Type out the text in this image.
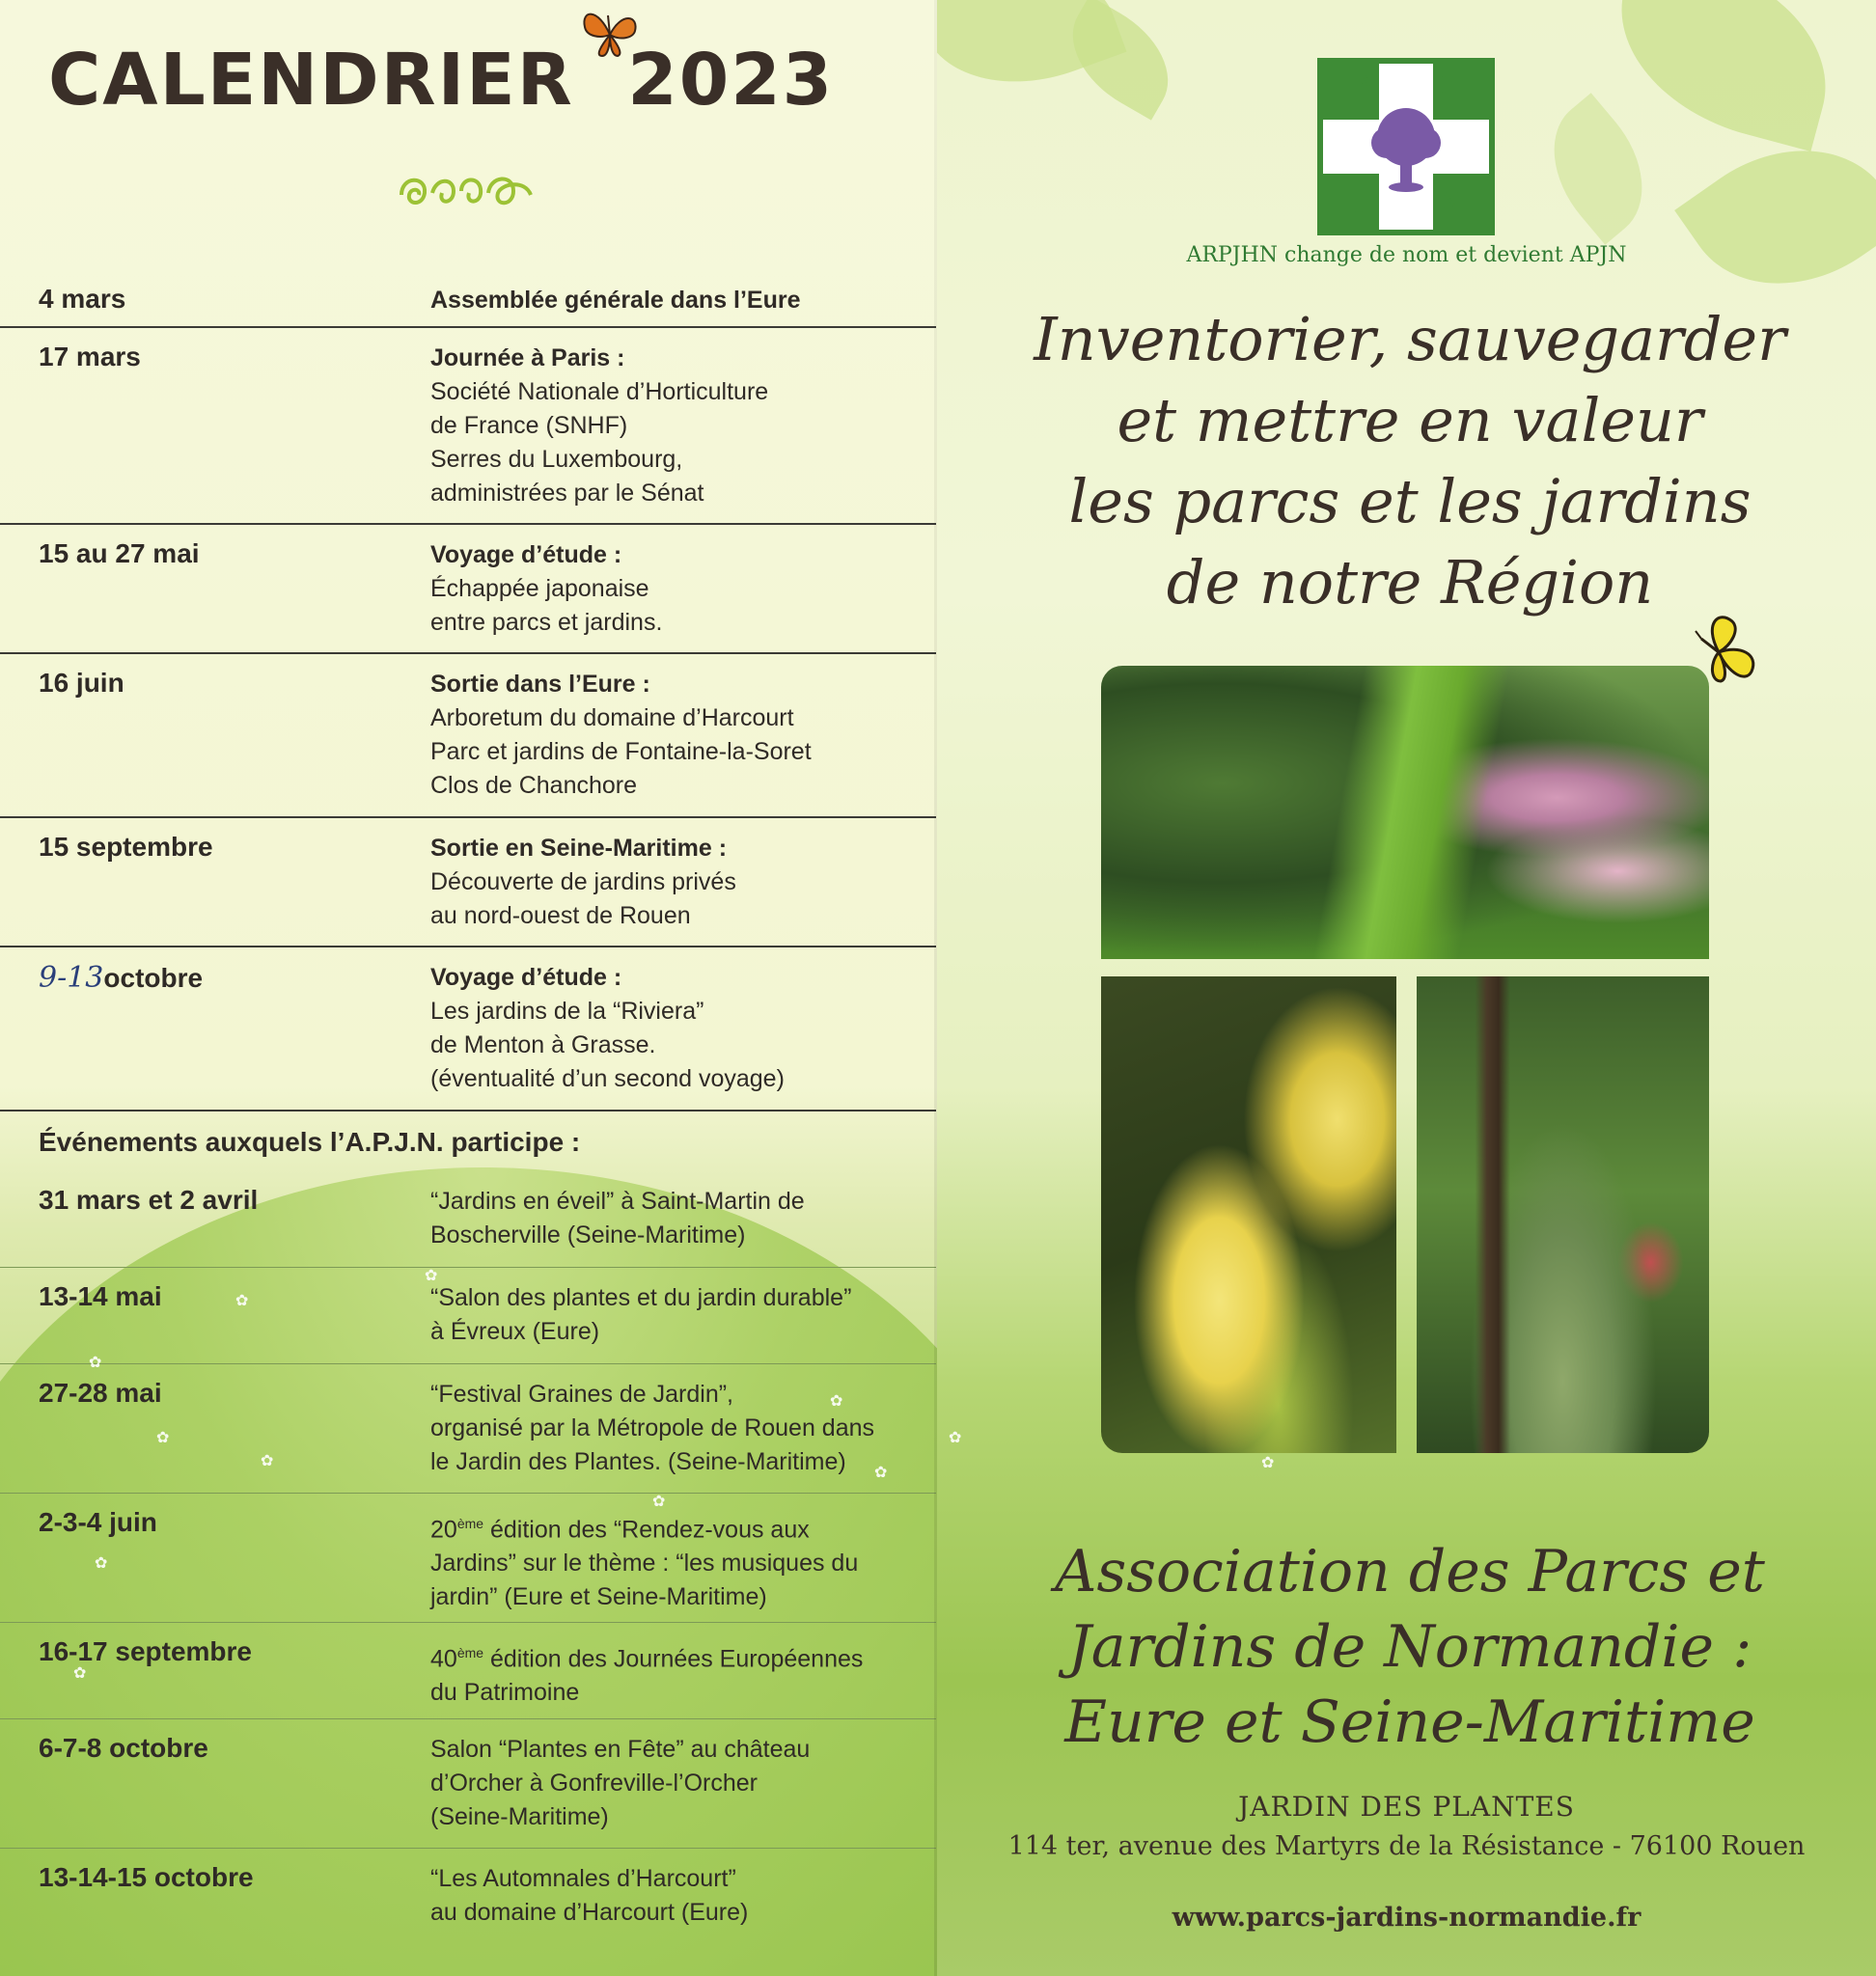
CALENDRIER 2023
4 mars	Assemblée générale dans l’Eure
17 mars	Journée à Paris :
Société Nationale d’Horticulture
de France (SNHF)
Serres du Luxembourg,
administrées par le Sénat
15 au 27 mai	Voyage d’étude :
Échappée japonaise
entre parcs et jardins.
16 juin	Sortie dans l’Eure :
Arboretum du domaine d’Harcourt
Parc et jardins de Fontaine-la-Soret
Clos de Chanchore
15 septembre	Sortie en Seine-Maritime :
Découverte de jardins privés
au nord-ouest de Rouen
9-13octobre	Voyage d’étude :
Les jardins de la “Riviera”
de Menton à Grasse.
(éventualité d’un second voyage)
Événements auxquels l’A.P.J.N. participe :
31 mars et 2 avril	“Jardins en éveil” à Saint-Martin de
Boscherville (Seine-Maritime)
13-14 mai	“Salon des plantes et du jardin durable”
à Évreux (Eure)
27-28 mai	“Festival Graines de Jardin”,
organisé par la Métropole de Rouen dans
le Jardin des Plantes. (Seine-Maritime)
2-3-4 juin	20ème édition des “Rendez-vous aux
Jardins” sur le thème : “les musiques du
jardin” (Eure et Seine-Maritime)
16-17 septembre	40ème édition des Journées Européennes
du Patrimoine
6-7-8 octobre	Salon “Plantes en Fête” au château
d’Orcher à Gonfreville-l’Orcher
(Seine-Maritime)
13-14-15 octobre	“Les Automnales d’Harcourt”
au domaine d’Harcourt (Eure)
✿
✿
✿
✿
✿
✿
✿
✿
✿
✿
A	P
J	N
ARPJHN change de nom et devient APJN
Inventorier, sauvegarder
et mettre en valeur
les parcs et les jardins
de notre Région
Association des Parcs et
Jardins de Normandie :
Eure et Seine-Maritime
JARDIN DES PLANTES
114 ter, avenue des Martyrs de la Résistance - 76100 Rouen
www.parcs-jardins-normandie.fr
✿
✿
